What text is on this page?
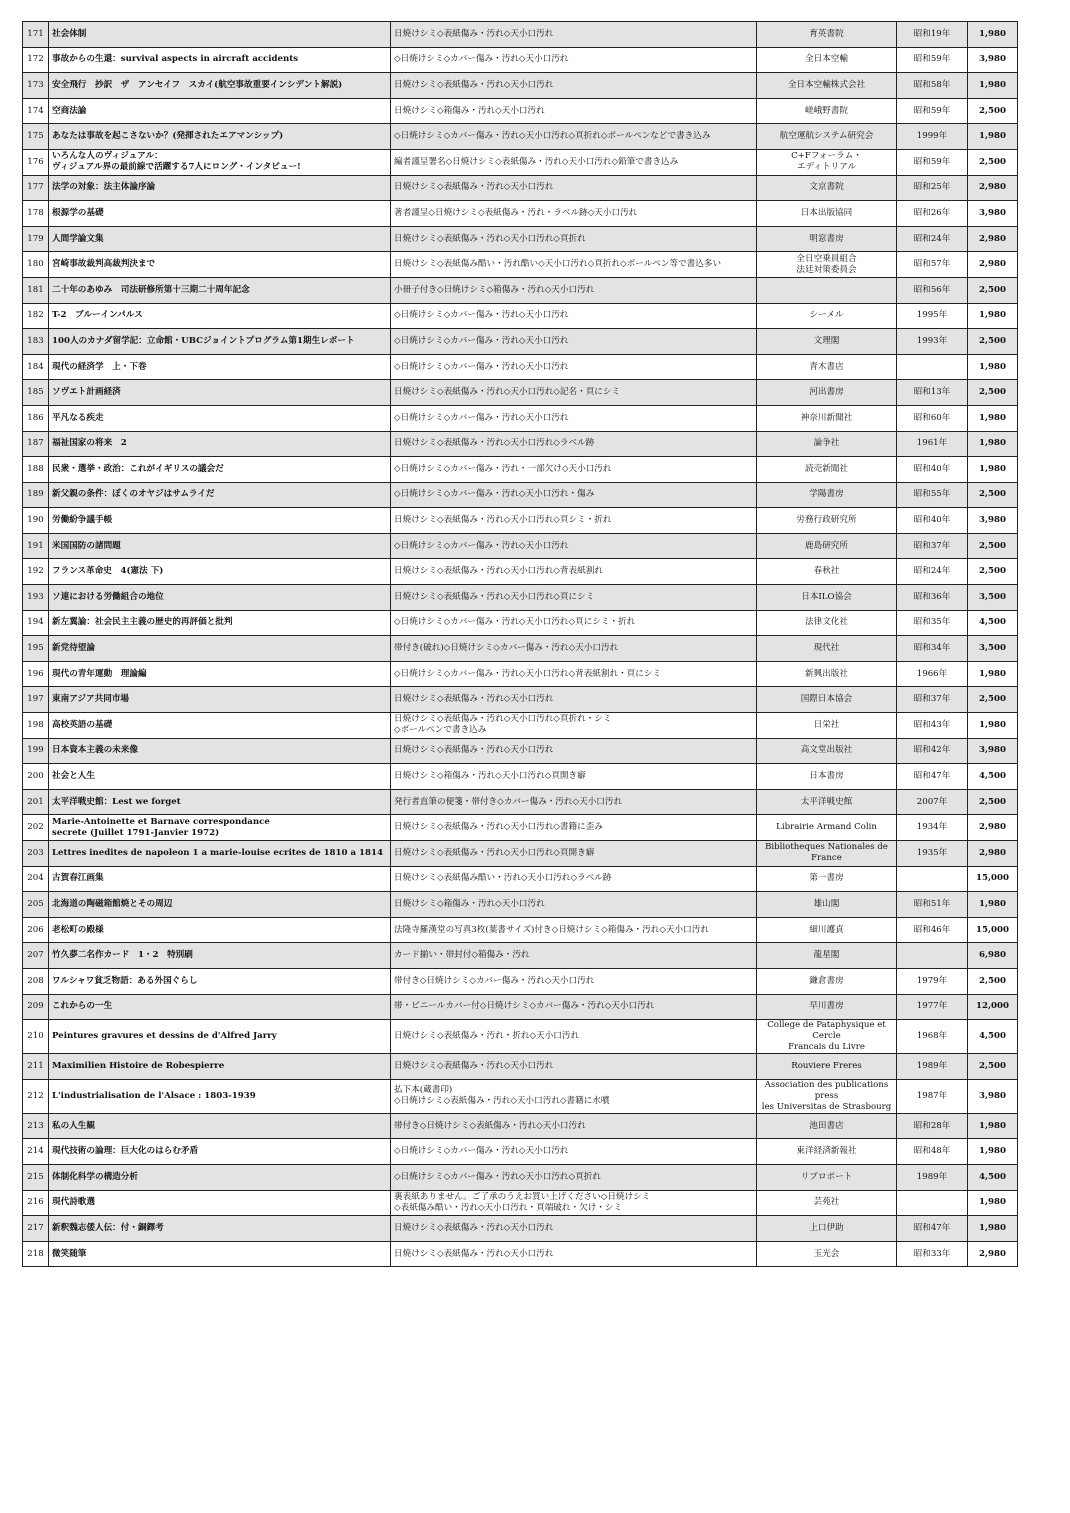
171	社会体制	日焼けシミ◇表紙傷み・汚れ◇天小口汚れ	育英書院	昭和19年	1,980
172	事故からの生還：survival aspects in aircraft accidents	◇日焼けシミ◇カバー傷み・汚れ◇天小口汚れ	全日本空輸	昭和59年	3,980
173	安全飛行　抄訳　ザ　アンセイフ　スカイ(航空事故重要インシデント解説)	日焼けシミ◇表紙傷み・汚れ◇天小口汚れ	全日本空輸株式会社	昭和58年	1,980
174	空商法論	日焼けシミ◇箱傷み・汚れ◇天小口汚れ	嵯峨野書院	昭和59年	2,500
175	あなたは事故を起こさないか？(発揮されたエアマンシップ)	◇日焼けシミ◇カバー傷み・汚れ◇天小口汚れ◇頁折れ◇ボールペンなどで書き込み	航空運航システム研究会	1999年	1,980
176	いろんな人のヴィジュアル：
ヴィジュアル界の最前線で活躍する7人にロング・インタビュー!	編者謹呈署名◇日焼けシミ◇表紙傷み・汚れ◇天小口汚れ◇鉛筆で書き込み	C+Fフォーラム・
エディトリアル	昭和59年	2,500
177	法学の対象：法主体論序論	日焼けシミ◇表紙傷み・汚れ◇天小口汚れ	文京書院	昭和25年	2,980
178	根源学の基礎	著者謹呈◇日焼けシミ◇表紙傷み・汚れ・ラベル跡◇天小口汚れ	日本出版協同	昭和26年	3,980
179	人間学論文集	日焼けシミ◇表紙傷み・汚れ◇天小口汚れ◇頁折れ	明窓書房	昭和24年	2,980
180	宮崎事故裁判高裁判決まで	日焼けシミ◇表紙傷み酷い・汚れ酷い◇天小口汚れ◇頁折れ◇ボールペン等で書込多い	全日空乗員組合
法廷対策委員会	昭和57年	2,980
181	二十年のあゆみ　司法研修所第十三期二十周年記念	小冊子付き◇日焼けシミ◇箱傷み・汚れ◇天小口汚れ		昭和56年	2,500
182	T-2　ブルーインパルス	◇日焼けシミ◇カバー傷み・汚れ◇天小口汚れ	シーメル	1995年	1,980
183	100人のカナダ留学記：立命館・UBCジョイントプログラム第1期生レポート	◇日焼けシミ◇カバー傷み・汚れ◇天小口汚れ	文理閣	1993年	2,500
184	現代の経済学　上・下巻	◇日焼けシミ◇カバー傷み・汚れ◇天小口汚れ	青木書店		1,980
185	ソヴエト計画経済	日焼けシミ◇表紙傷み・汚れ◇天小口汚れ◇記名・頁にシミ	河出書房	昭和13年	2,500
186	平凡なる疾走	◇日焼けシミ◇カバー傷み・汚れ◇天小口汚れ	神奈川新聞社	昭和60年	1,980
187	福祉国家の将来　2	日焼けシミ◇表紙傷み・汚れ◇天小口汚れ◇ラベル跡	論争社	1961年	1,980
188	民衆・選挙・政治：これがイギリスの議会だ	◇日焼けシミ◇カバー傷み・汚れ・一部欠け◇天小口汚れ	読売新聞社	昭和40年	1,980
189	新父親の条件：ぼくのオヤジはサムライだ	◇日焼けシミ◇カバー傷み・汚れ◇天小口汚れ・傷み	学陽書房	昭和55年	2,500
190	労働紛争議手帳	日焼けシミ◇表紙傷み・汚れ◇天小口汚れ◇頁シミ・折れ	労務行政研究所	昭和40年	3,980
191	米国国防の諸問題	◇日焼けシミ◇カバー傷み・汚れ◇天小口汚れ	鹿島研究所	昭和37年	2,500
192	フランス革命史　4(憲法 下)	日焼けシミ◇表紙傷み・汚れ◇天小口汚れ◇背表紙割れ	春秋社	昭和24年	2,500
193	ソ連における労働組合の地位	日焼けシミ◇表紙傷み・汚れ◇天小口汚れ◇頁にシミ	日本ILO協会	昭和36年	3,500
194	新左翼論：社会民主主義の歴史的再評価と批判	◇日焼けシミ◇カバー傷み・汚れ◇天小口汚れ◇頁にシミ・折れ	法律文化社	昭和35年	4,500
195	新党待望論	帯付き(破れ)◇日焼けシミ◇カバー傷み・汚れ◇天小口汚れ	現代社	昭和34年	3,500
196	現代の青年運動　理論編	◇日焼けシミ◇カバー傷み・汚れ◇天小口汚れ◇背表紙割れ・頁にシミ	新興出版社	1966年	1,980
197	東南アジア共同市場	日焼けシミ◇表紙傷み・汚れ◇天小口汚れ	国際日本協会	昭和37年	2,500
198	高校英語の基礎	日焼けシミ◇表紙傷み・汚れ◇天小口汚れ◇頁折れ・シミ
◇ボールペンで書き込み	日栄社	昭和43年	1,980
199	日本資本主義の未来像	日焼けシミ◇表紙傷み・汚れ◇天小口汚れ	高文堂出版社	昭和42年	3,980
200	社会と人生	日焼けシミ◇箱傷み・汚れ◇天小口汚れ◇頁開き癖	日本書房	昭和47年	4,500
201	太平洋戦史館：Lest we forget	発行者直筆の便箋・帯付き◇カバー傷み・汚れ◇天小口汚れ	太平洋戦史館	2007年	2,500
202	Marie-Antoinette et Barnave correspondance
secrete (Juillet 1791-Janvier 1972)	日焼けシミ◇表紙傷み・汚れ◇天小口汚れ◇書籍に歪み	Librairie Armand Colin	1934年	2,980
203	Lettres inedites de napoleon 1 a marie-louise ecrites de 1810 a 1814	日焼けシミ◇表紙傷み・汚れ◇天小口汚れ◇頁開き癖	Bibliotheques Nationales de
France	1935年	2,980
204	古賀春江画集	日焼けシミ◇表紙傷み酷い・汚れ◇天小口汚れ◇ラベル跡	第一書房		15,000
205	北海道の陶磁箱館焼とその周辺	日焼けシミ◇箱傷み・汚れ◇天小口汚れ	雄山閣	昭和51年	1,980
206	老松町の殿様	法隆寺羅漢堂の写真3枚(葉書サイズ)付き◇日焼けシミ◇箱傷み・汚れ◇天小口汚れ	細川護貞	昭和46年	15,000
207	竹久夢二名作カード　1・2　特別刷	カード揃い・帯封付◇箱傷み・汚れ	龍星閣		6,980
208	ワルシャワ貧乏物語：ある外国ぐらし	帯付き◇日焼けシミ◇カバー傷み・汚れ◇天小口汚れ	鎌倉書房	1979年	2,500
209	これからの一生	帯・ビニールカバー付◇日焼けシミ◇カバー傷み・汚れ◇天小口汚れ	早川書房	1977年	12,000
210	Peintures gravures et dessins de d'Alfred Jarry	日焼けシミ◇表紙傷み・汚れ・折れ◇天小口汚れ	College de Pataphysique et Cercle
Francais du Livre	1968年	4,500
211	Maximilien Histoire de Robespierre	日焼けシミ◇表紙傷み・汚れ◇天小口汚れ	Rouviere Freres	1989年	2,500
212	L'industrialisation de l'Alsace : 1803-1939	払下本(蔵書印)
◇日焼けシミ◇表紙傷み・汚れ◇天小口汚れ◇書籍に水噴	Association des publications press
les Universitas de Strasbourg	1987年	3,980
213	私の人生観	帯付き◇日焼けシミ◇表紙傷み・汚れ◇天小口汚れ	池田書店	昭和28年	1,980
214	現代技術の論理：巨大化のはらむ矛盾	◇日焼けシミ◇カバー傷み・汚れ◇天小口汚れ	東洋経済新報社	昭和48年	1,980
215	体制化科学の構造分析	◇日焼けシミ◇カバー傷み・汚れ◇天小口汚れ◇頁折れ	リブロポート	1989年	4,500
216	現代詩歌選	裏表紙ありません。ご了承のうえお買い上げください◇日焼けシミ
◇表紙傷み酷い・汚れ◇天小口汚れ・頁端破れ・欠け・シミ	芸苑社		1,980
217	新釈魏志倭人伝：付・銅鐸考	日焼けシミ◇表紙傷み・汚れ◇天小口汚れ	上口伊助	昭和47年	1,980
218	微笑随筆	日焼けシミ◇表紙傷み・汚れ◇天小口汚れ	玉光会	昭和33年	2,980
